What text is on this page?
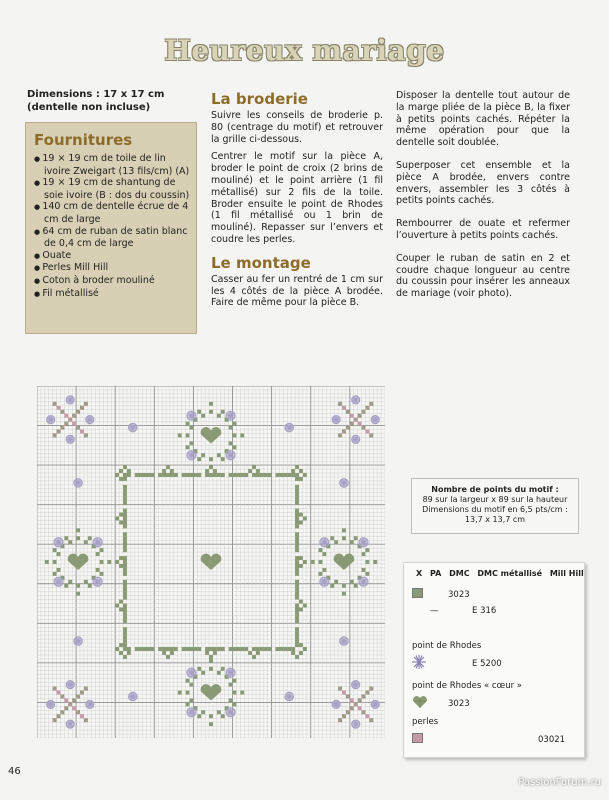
Heureux mariage
Dimensions : 17 x 17 cm
(dentelle non incluse)
Fournitures
● 19 × 19 cm de toile de lin ivoire Zweigart (13 fils/cm) (A)
● 19 × 19 cm de shantung de soie ivoire (B : dos du coussin)
● 140 cm de dentelle écrue de 4 cm de large
● 64 cm de ruban de satin blanc de 0,4 cm de large
● Ouate
● Perles Mill Hill
● Coton à broder mouliné
● Fil métallisé
La broderie

Suivre les conseils de broderie p. 80 (centrage du motif) et retrouver la grille ci-dessous.

Centrer le motif sur la pièce A, broder le point de croix (2 brins de mouliné) et le point arrière (1 fil métallisé) sur 2 fils de la toile. Broder ensuite le point de Rhodes (1 fil métallisé ou 1 brin de mouliné). Repasser sur l’envers et coudre les perles.

Le montage

Casser au fer un rentré de 1 cm sur les 4 côtés de la pièce A brodée. Faire de même pour la pièce B.

Disposer la dentelle tout autour de la marge pliée de la pièce B, la fixer à petits points cachés. Répéter la même opération pour que la dentelle soit doublée.

Superposer cet ensemble et la pièce A brodée, envers contre envers, assembler les 3 côtés à petits points cachés.

Rembourrer de ouate et refermer l’ouverture à petits points cachés.

Couper le ruban de satin en 2 et coudre chaque longueur au centre du coussin pour insérer les anneaux de mariage (voir photo).

Nombre de points du motif :
89 sur la largeur x 89 sur la hauteur
Dimensions du motif en 6,5 pts/cm :
13,7 x 13,7 cm
X PA DMC DMC métallisé Mill Hill
3023
—	E 316
point de Rhodes
E 5200
point de Rhodes « cœur »
3023
perles
03021
46
PassionForum.ru
